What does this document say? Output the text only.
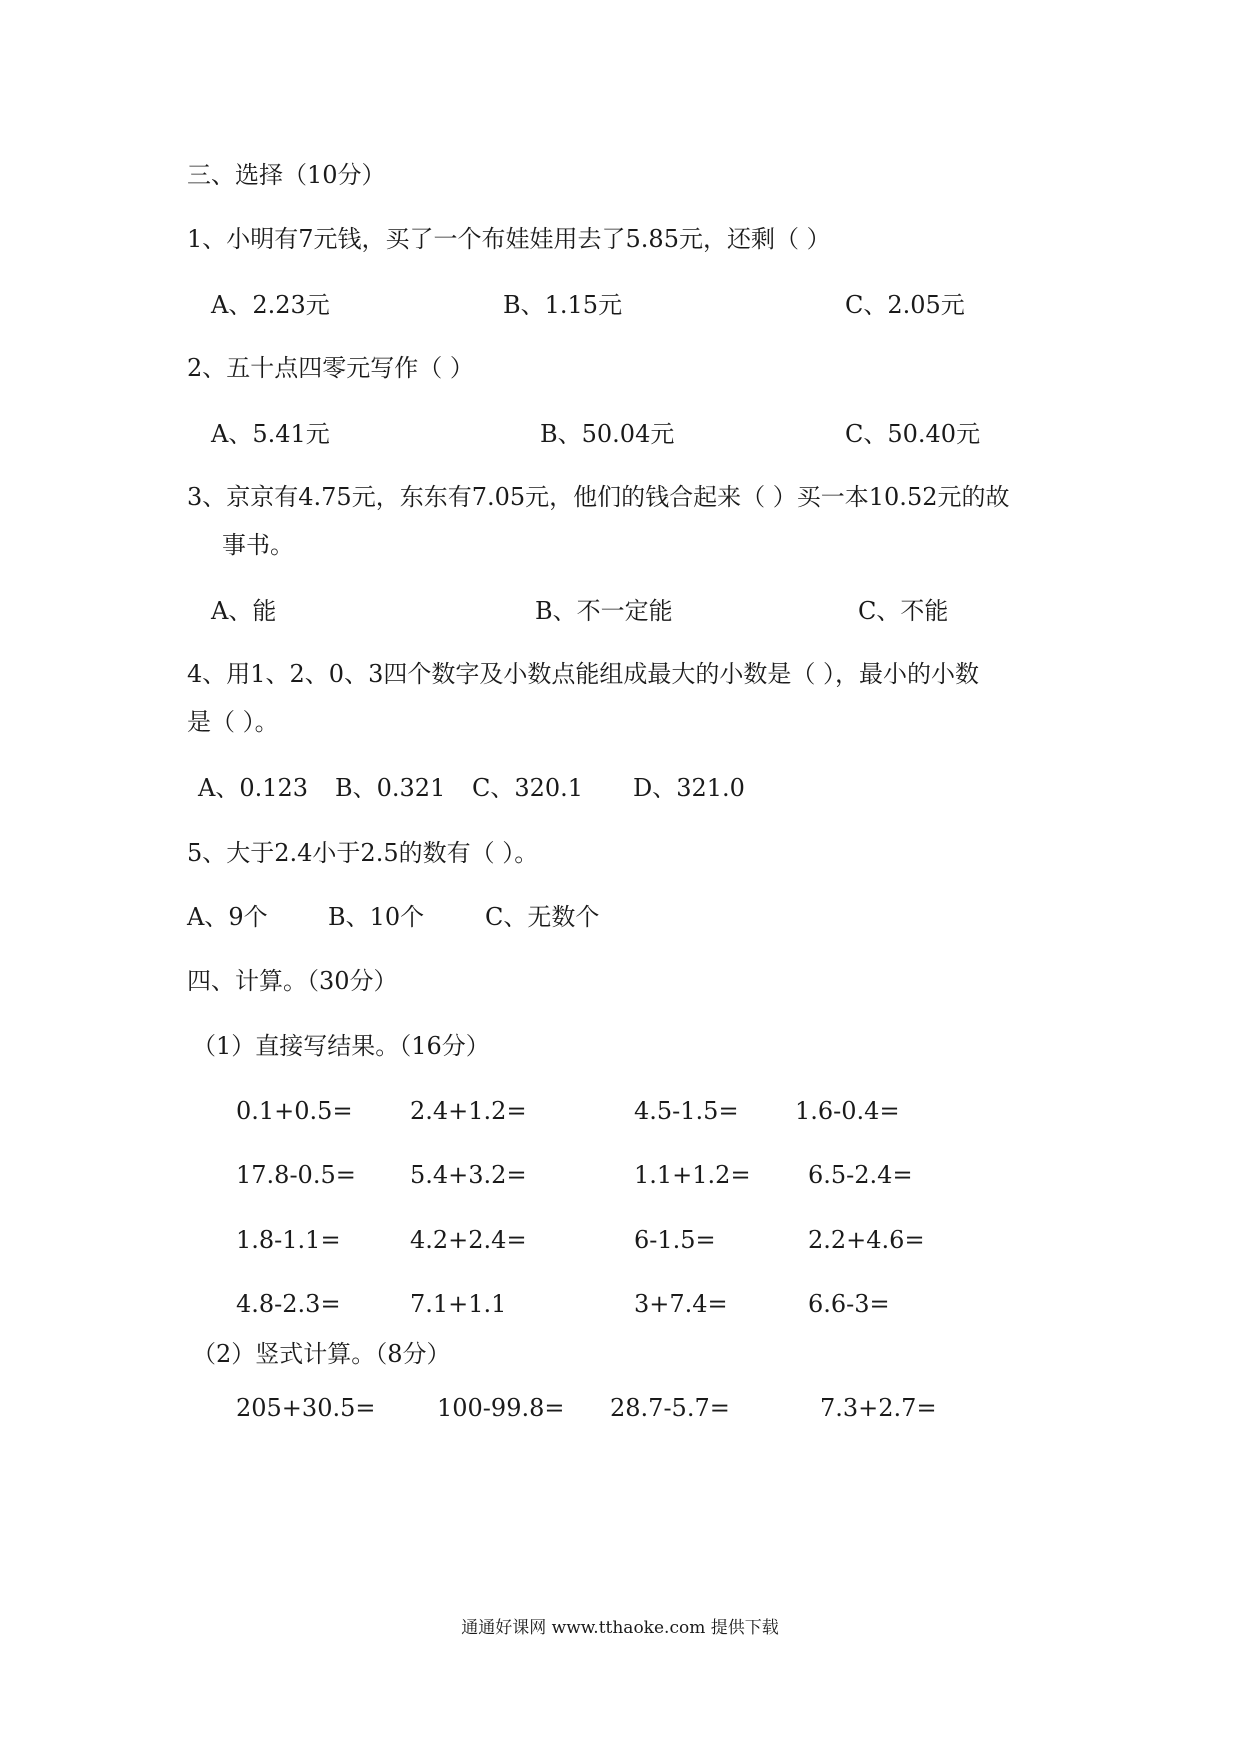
三、选择（10分）
1、小明有7元钱，买了一个布娃娃用去了5.85元，还剩（ ）
A、2.23元	B、1.15元	C、2.05元
2、五十点四零元写作（ ）
A、5.41元	B、50.04元	C、50.40元
3、京京有4.75元，东东有7.05元，他们的钱合起来（ ）买一本10.52元的故
事书。
A、能	B、不一定能	C、不能
4、用1、2、0、3四个数字及小数点能组成最大的小数是（ ），最小的小数
是（ ）。
A、0.123 B、0.321 C、320.1 D、321.0
5、大于2.4小于2.5的数有（ ）。
A、9个	B、10个	C、无数个
四、计算。（30分）
（1）直接写结果。（16分）
0.1+0.5= 2.4+1.2=	4.5-1.5= 1.6-0.4=
17.8-0.5= 5.4+3.2=	1.1+1.2= 6.5-2.4=
1.8-1.1=	4.2+2.4=	6-1.5=	2.2+4.6=
4.8-2.3=	7.1+1.1	3+7.4=	6.6-3=
（2）竖式计算。（8分）
205+30.5=	100-99.8= 28.7-5.7=	7.3+2.7=
通通好课网 www.tthaoke.com 提供下载
